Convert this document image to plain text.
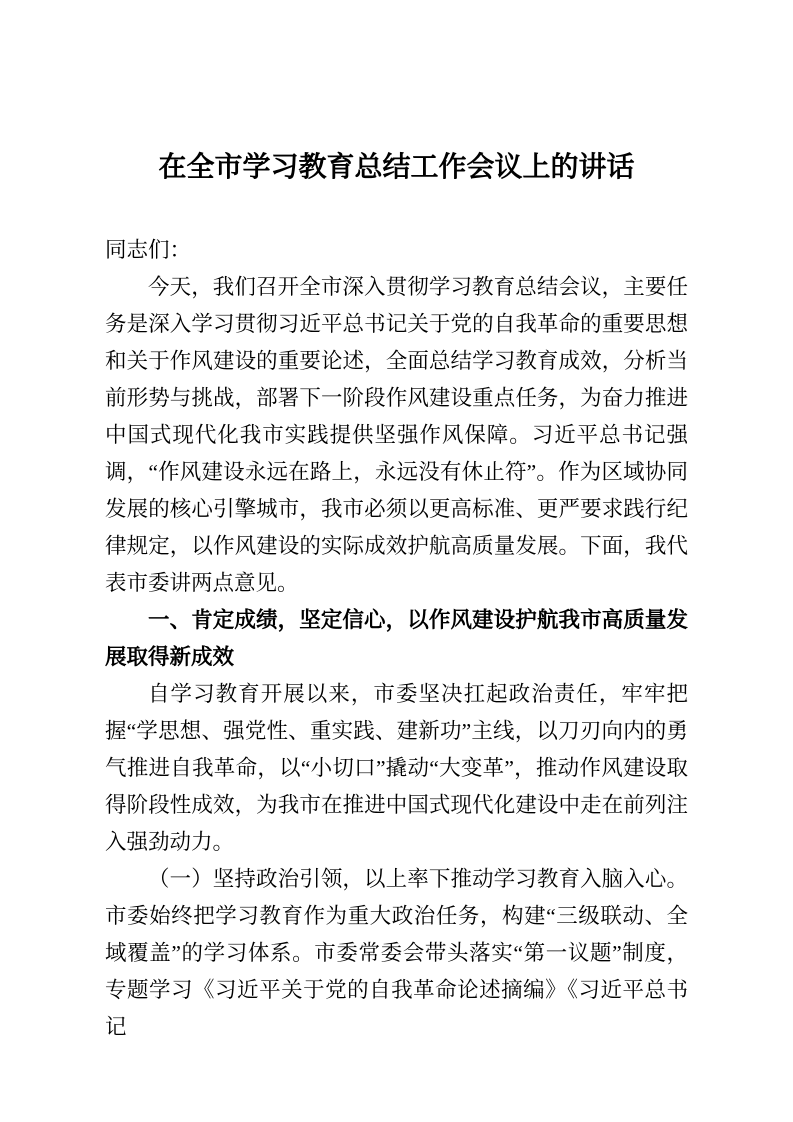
在全市学习教育总结工作会议上的讲话

同志们：

今天，我们召开全市深入贯彻学习教育总结会议，主要任务是深入学习贯彻习近平总书记关于党的自我革命的重要思想和关于作风建设的重要论述，全面总结学习教育成效，分析当前形势与挑战，部署下一阶段作风建设重点任务，为奋力推进中国式现代化我市实践提供坚强作风保障。习近平总书记强调，“作风建设永远在路上，永远没有休止符”。作为区域协同发展的核心引擎城市，我市必须以更高标准、更严要求践行纪律规定，以作风建设的实际成效护航高质量发展。下面，我代表市委讲两点意见。

一、肯定成绩，坚定信心，以作风建设护航我市高质量发展取得新成效

自学习教育开展以来，市委坚决扛起政治责任，牢牢把握“学思想、强党性、重实践、建新功”主线，以刀刃向内的勇气推进自我革命，以“小切口”撬动“大变革”，推动作风建设取得阶段性成效，为我市在推进中国式现代化建设中走在前列注入强劲动力。

（一）坚持政治引领，以上率下推动学习教育入脑入心。市委始终把学习教育作为重大政治任务，构建“三级联动、全域覆盖”的学习体系。市委常委会带头落实“第一议题”制度，专题学习《习近平关于党的自我革命论述摘编》《习近平总书记
